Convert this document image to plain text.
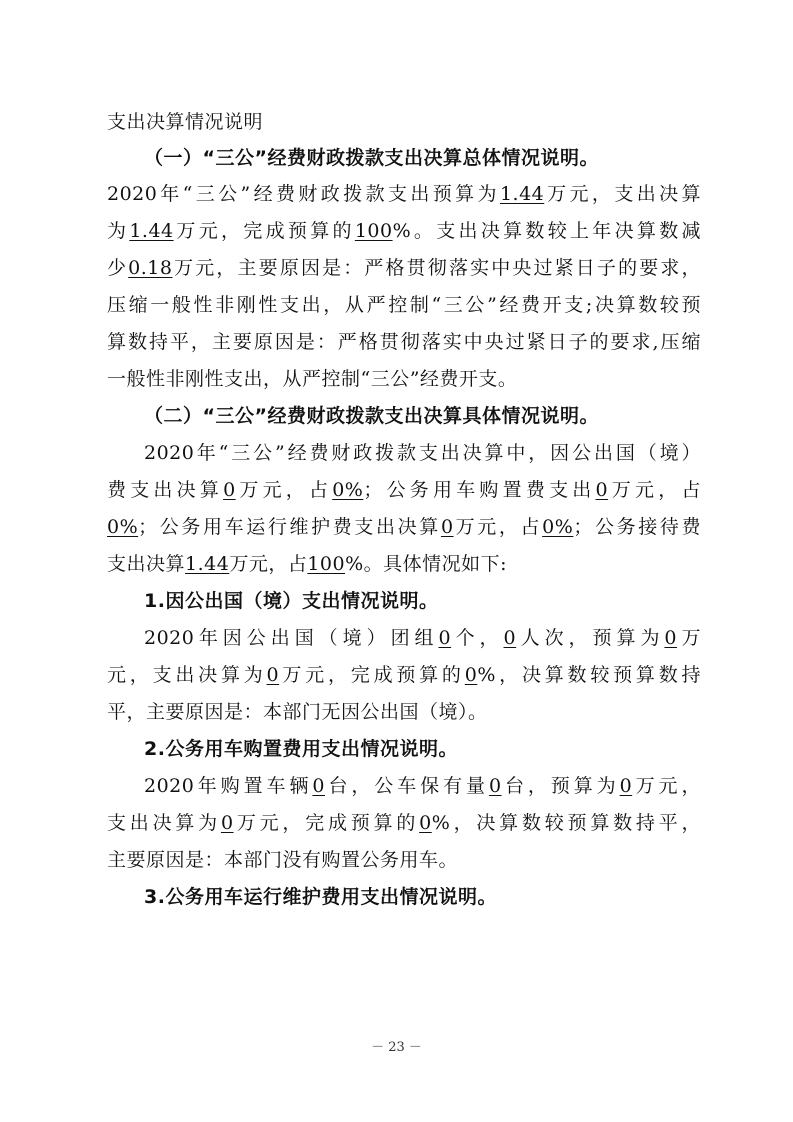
支出决算情况说明
（一）“三公”经费财政拨款支出决算总体情况说明。
2020年“三公”经费财政拨款支出预算为1.44万元，支出决算
为1.44万元，完成预算的100%。支出决算数较上年决算数减
少0.18万元，主要原因是：严格贯彻落实中央过紧日子的要求，
压缩一般性非刚性支出，从严控制“三公”经费开支;决算数较预
算数持平，主要原因是：严格贯彻落实中央过紧日子的要求,压缩
一般性非刚性支出，从严控制“三公”经费开支。
（二）“三公”经费财政拨款支出决算具体情况说明。
2020年“三公”经费财政拨款支出决算中，因公出国（境）
费支出决算0万元，占0%；公务用车购置费支出0万元，占
0%；公务用车运行维护费支出决算0万元，占0%；公务接待费
支出决算1.44万元，占100%。具体情况如下:
1.因公出国（境）支出情况说明。
2020年因公出国（境）团组0个，0人次，预算为0万
元，支出决算为0万元，完成预算的0%，决算数较预算数持
平，主要原因是：本部门无因公出国（境）。
2.公务用车购置费用支出情况说明。
2020年购置车辆0台，公车保有量0台，预算为0万元，
支出决算为0万元，完成预算的0%，决算数较预算数持平，
主要原因是：本部门没有购置公务用车。
3.公务用车运行维护费用支出情况说明。
－ 23 －
